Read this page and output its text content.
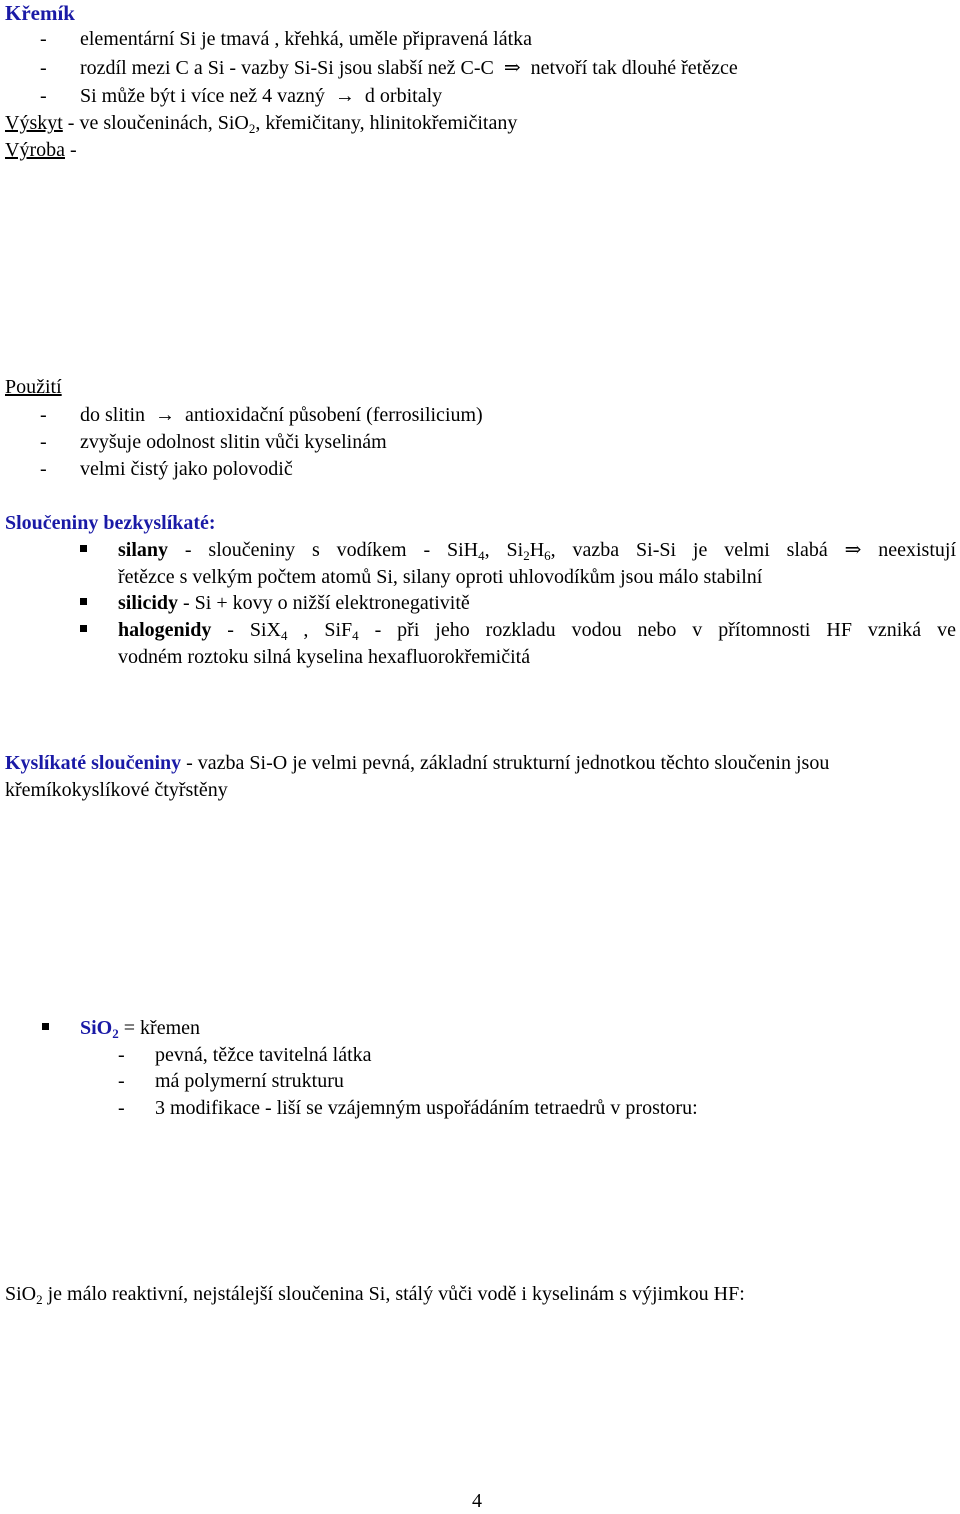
Křemík
- elementární Si je tmavá , křehká, uměle připravená látka
- rozdíl mezi C a Si - vazby Si-Si jsou slabší než C-C  ⇒  netvoří tak dlouhé řetězce
- Si může být i více než 4 vazný  →  d orbitaly
Výskyt - ve sloučeninách, SiO$_2$, křemičitany, hlinitokřemičitany
Výroba -
Použití
- do slitin  →  antioxidační působení (ferrosilicium)
- zvyšuje odolnost slitin vůči kyselinám
- velmi čistý jako polovodič
Sloučeniny bezkyslíkaté:
silany - sloučeniny s vodíkem - SiH$_4$, $Si_2H_6$, vazba Si-Si je velmi slabá ⇒ neexistují
řetězce s velkým počtem atomů Si, silany oproti uhlovodíkům jsou málo stabilní
silicidy - Si + kovy o nižší elektronegativitě
halogenidy - SiX$_4$ , SiF$_4$ - při jeho rozkladu vodou nebo v přítomnosti HF vzniká ve
vodném roztoku silná kyselina hexafluorokřemičitá
Kyslíkaté sloučeniny - vazba Si-O je velmi pevná, základní strukturní jednotkou těchto sloučenin jsou
křemíkokyslíkové čtyřstěny
SiO$_2$ = křemen
- pevná, těžce tavitelná látka
- má polymerní strukturu
- 3 modifikace - liší se vzájemným uspořádáním tetraedrů v prostoru:
SiO$_2$ je málo reaktivní, nejstálejší sloučenina Si, stálý vůči vodě i kyselinám s výjimkou HF:
4
